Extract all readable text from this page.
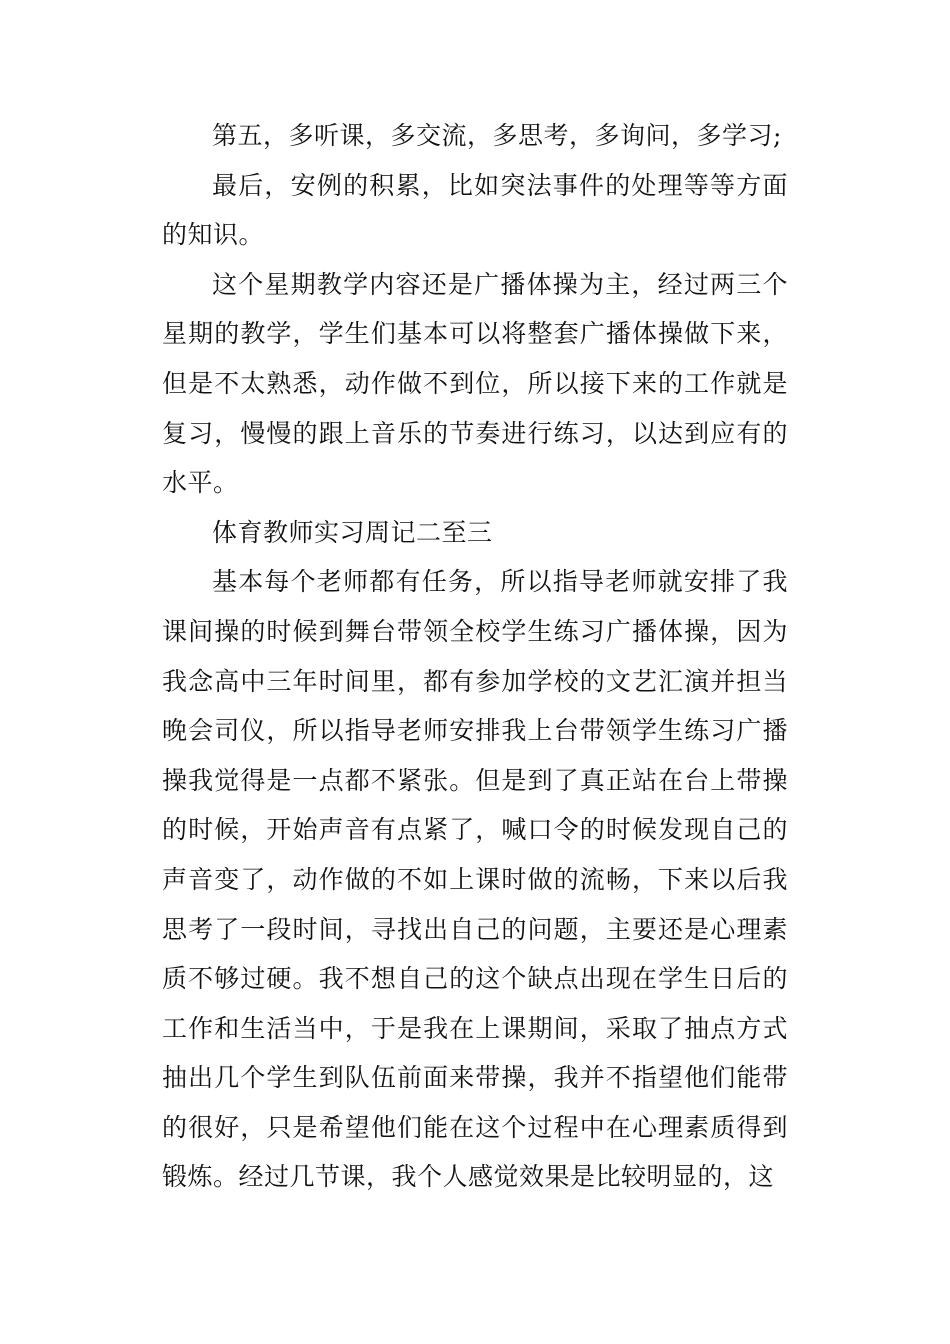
第五，多听课，多交流，多思考，多询问，多学习;

最后，安例的积累，比如突法事件的处理等等方面的知识。

这个星期教学内容还是广播体操为主，经过两三个星期的教学，学生们基本可以将整套广播体操做下来，但是不太熟悉，动作做不到位，所以接下来的工作就是复习，慢慢的跟上音乐的节奏进行练习，以达到应有的水平。

体育教师实习周记二至三

基本每个老师都有任务，所以指导老师就安排了我课间操的时候到舞台带领全校学生练习广播体操，因为我念高中三年时间里，都有参加学校的文艺汇演并担当晚会司仪，所以指导老师安排我上台带领学生练习广播操我觉得是一点都不紧张。但是到了真正站在台上带操的时候，开始声音有点紧了，喊口令的时候发现自己的声音变了，动作做的不如上课时做的流畅，下来以后我思考了一段时间，寻找出自己的问题，主要还是心理素质不够过硬。我不想自己的这个缺点出现在学生日后的工作和生活当中，于是我在上课期间，采取了抽点方式抽出几个学生到队伍前面来带操，我并不指望他们能带的很好，只是希望他们能在这个过程中在心理素质得到锻炼。经过几节课，我个人感觉效果是比较明显的，这
